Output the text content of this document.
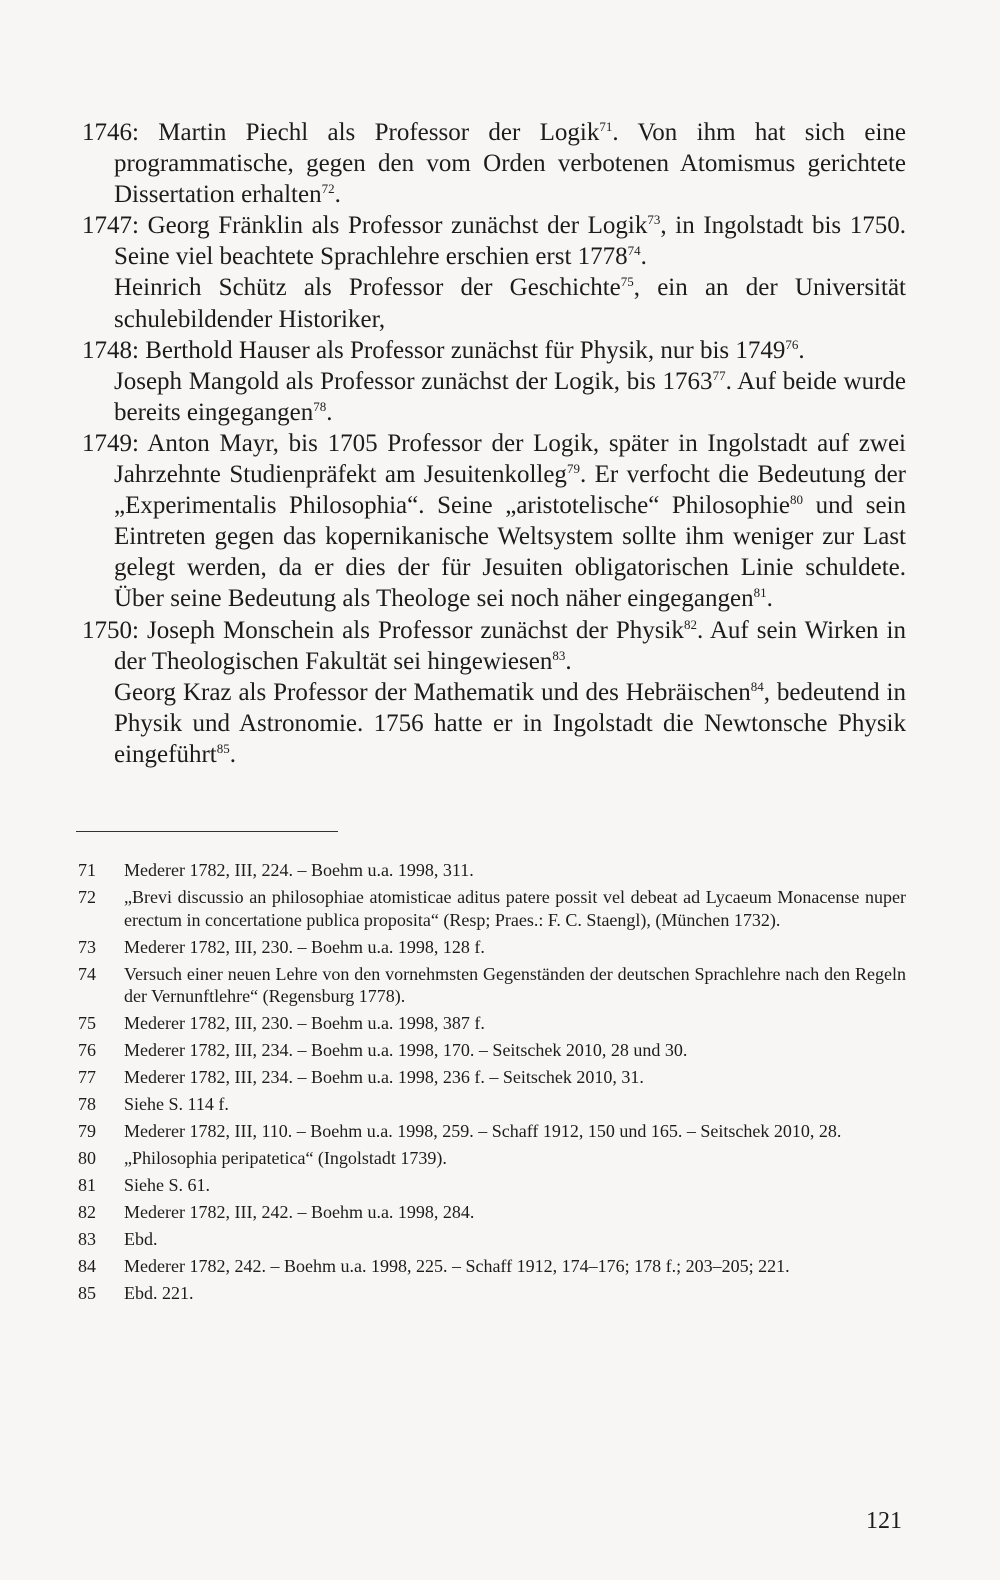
1746: Martin Piechl als Professor der Logik$^{71}$. Von ihm hat sich eine programmatische, gegen den vom Orden verbotenen Atomismus gerichtete Dissertation erhalten$^{72}$.

1747: Georg Fränklin als Professor zunächst der Logik$^{73}$, in Ingolstadt bis 1750. Seine viel beachtete Sprachlehre erschien erst 1778$^{74}$.

Heinrich Schütz als Professor der Geschichte$^{75}$, ein an der Universität schulebildender Historiker,

1748: Berthold Hauser als Professor zunächst für Physik, nur bis 1749$^{76}$.

Joseph Mangold als Professor zunächst der Logik, bis 1763$^{77}$. Auf beide wurde bereits eingegangen$^{78}$.

1749: Anton Mayr, bis 1705 Professor der Logik, später in Ingolstadt auf zwei Jahrzehnte Studienpräfekt am Jesuitenkolleg$^{79}$. Er verfocht die Bedeutung der „Experimentalis Philosophia“. Seine „aristotelische“ Philosophie$^{80}$ und sein Eintreten gegen das kopernikanische Weltsystem sollte ihm weniger zur Last gelegt werden, da er dies der für Jesuiten obligatorischen Linie schuldete. Über seine Bedeutung als Theologe sei noch näher eingegangen$^{81}$.

1750: Joseph Monschein als Professor zunächst der Physik$^{82}$. Auf sein Wirken in der Theologischen Fakultät sei hingewiesen$^{83}$.

Georg Kraz als Professor der Mathematik und des Hebräischen$^{84}$, bedeutend in Physik und Astronomie. 1756 hatte er in Ingolstadt die Newtonsche Physik eingeführt$^{85}$.

71	Mederer 1782, III, 224. – Boehm u.a. 1998, 311.
72	„Brevi discussio an philosophiae atomisticae aditus patere possit vel debeat ad Lycaeum Monacense nuper erectum in concertatione publica proposita“ (Resp; Praes.: F. C. Staengl), (München 1732).
73	Mederer 1782, III, 230. – Boehm u.a. 1998, 128 f.
74	Versuch einer neuen Lehre von den vornehmsten Gegenständen der deutschen Sprachlehre nach den Regeln der Vernunftlehre“ (Regensburg 1778).
75	Mederer 1782, III, 230. – Boehm u.a. 1998, 387 f.
76	Mederer 1782, III, 234. – Boehm u.a. 1998, 170. – Seitschek 2010, 28 und 30.
77	Mederer 1782, III, 234. – Boehm u.a. 1998, 236 f. – Seitschek 2010, 31.
78	Siehe S. 114 f.
79	Mederer 1782, III, 110. – Boehm u.a. 1998, 259. – Schaff 1912, 150 und 165. – Seitschek 2010, 28.
80	„Philosophia peripatetica“ (Ingolstadt 1739).
81	Siehe S. 61.
82	Mederer 1782, III, 242. – Boehm u.a. 1998, 284.
83	Ebd.
84	Mederer 1782, 242. – Boehm u.a. 1998, 225. – Schaff 1912, 174–176; 178 f.; 203–205; 221.
85	Ebd. 221.
121
